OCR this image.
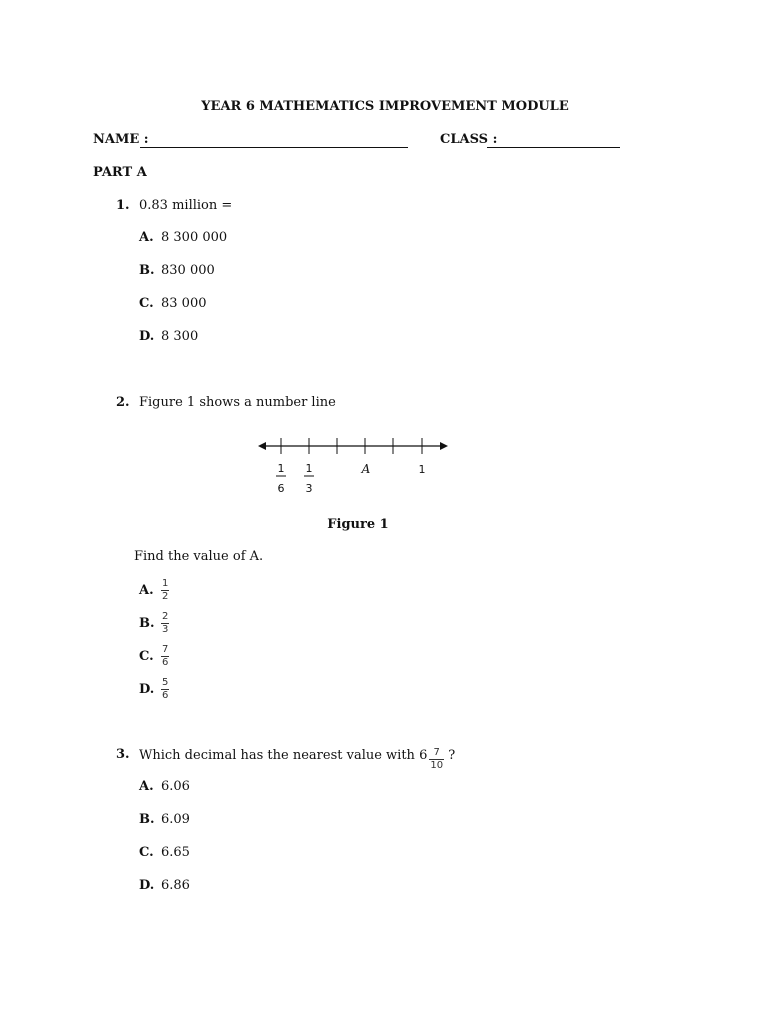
YEAR 6 MATHEMATICS IMPROVEMENT MODULE
NAME :	CLASS :
PART A
1. 0.83 million =
A. 8 300 000
B. 830 000
C. 83 000
D. 8 300
2. Figure 1 shows a number line
1
6
1
3
A	1
Figure 1
Find the value of A.
A. $\frac{1}{2}$
B. $\frac{2}{3}$
C. $\frac{7}{6}$
D. $\frac{5}{6}$
3. Which decimal has the nearest value with $6 \frac{7}{10}$ ?
A. 6.06
B. 6.09
C. 6.65
D. 6.86
